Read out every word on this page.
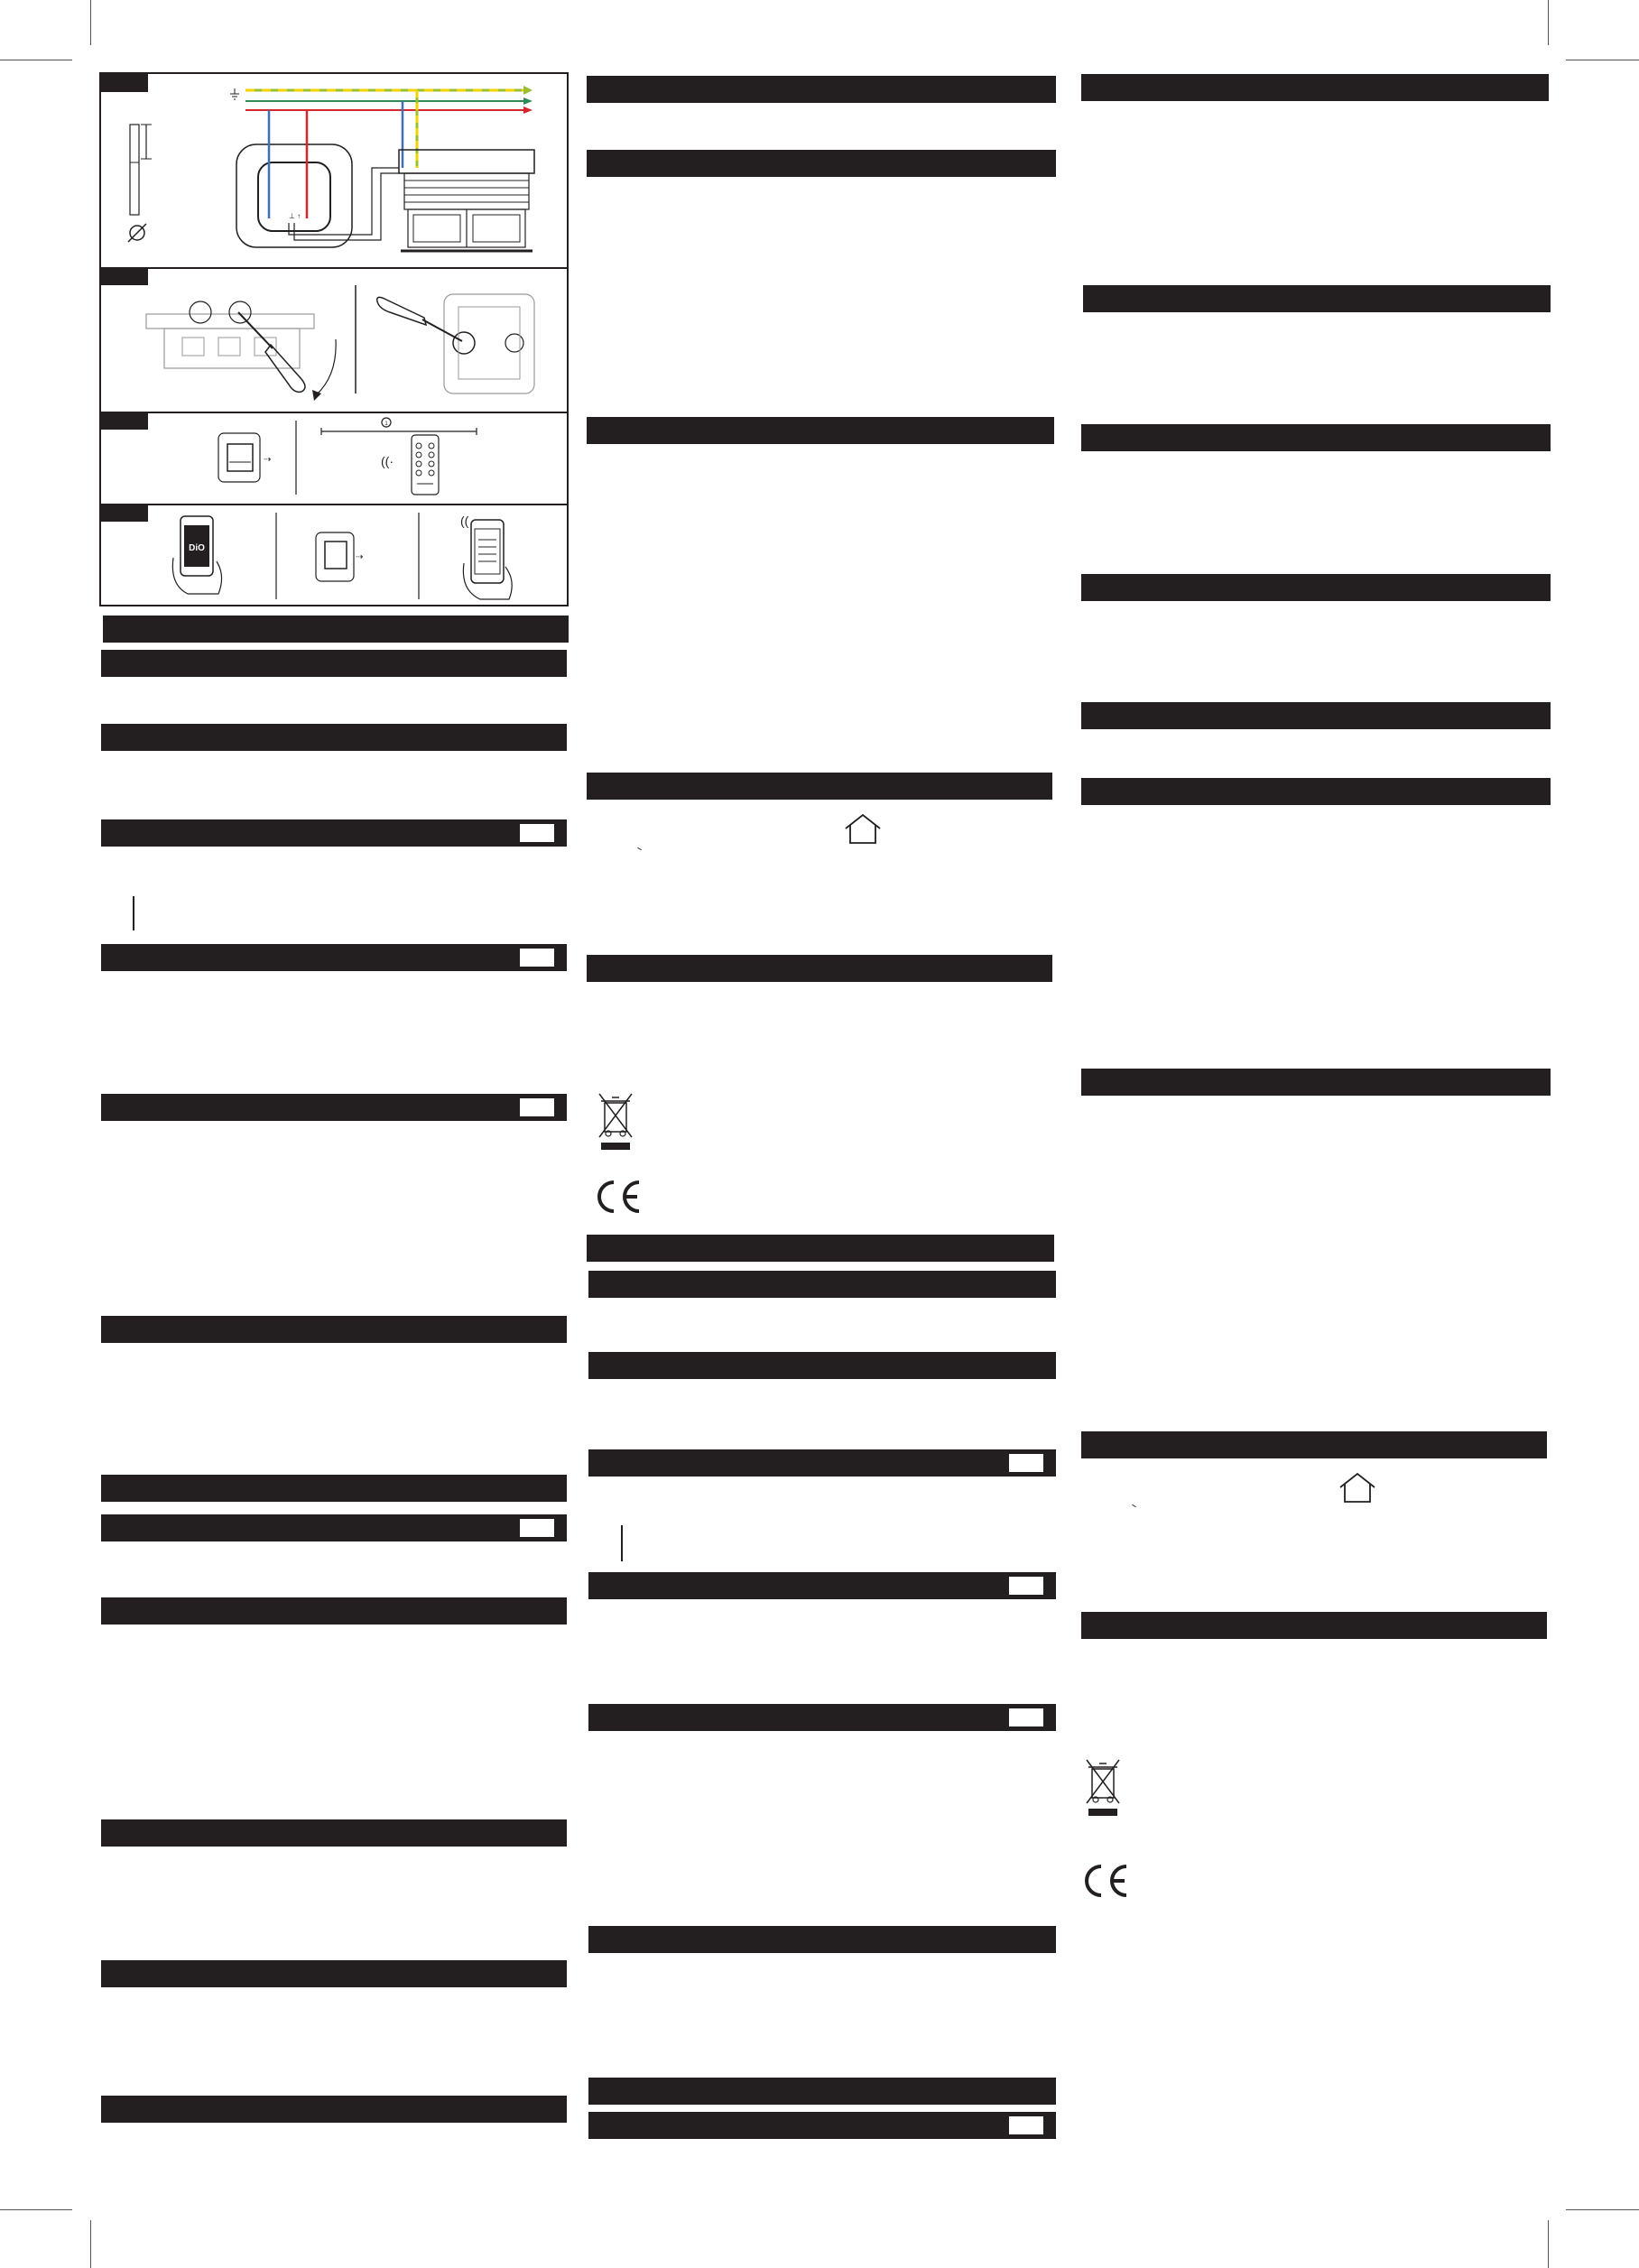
⊥ ↑
⇢
1
((·
DiO
⇢
((
